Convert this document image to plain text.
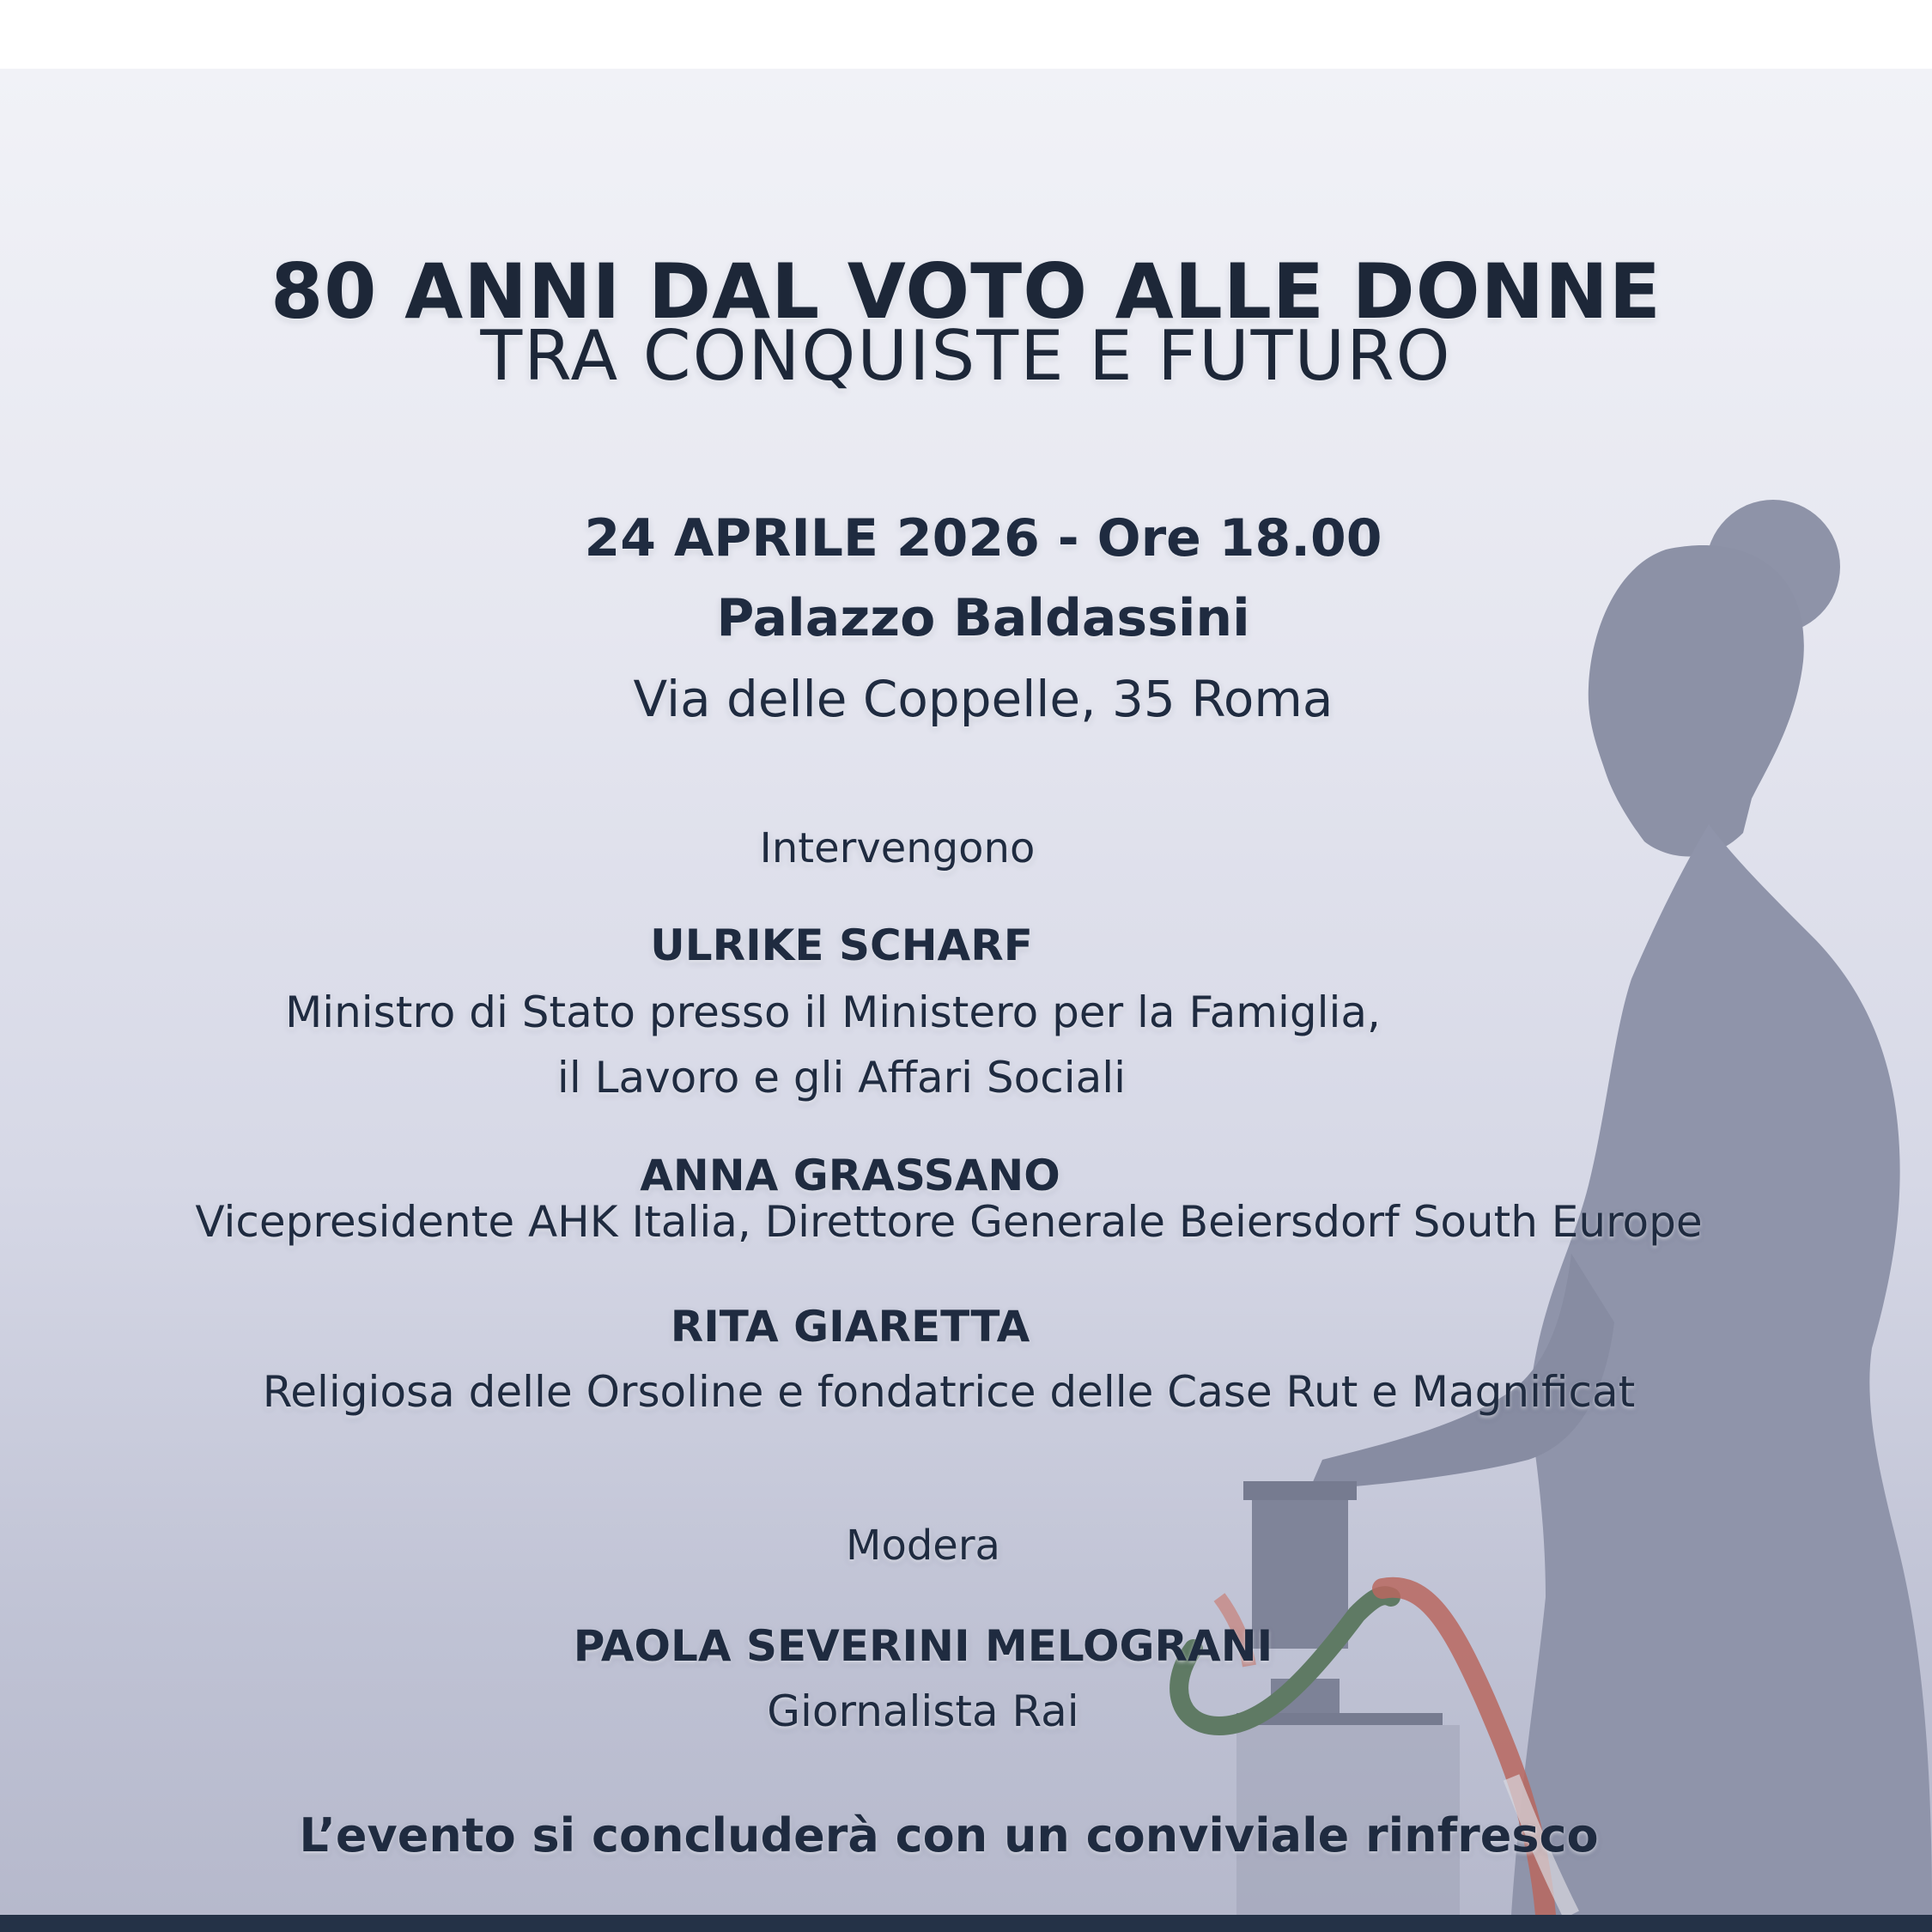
80 ANNI DAL VOTO ALLE DONNE
TRA CONQUISTE E FUTURO
24 APRILE 2026 - Ore 18.00
Palazzo Baldassini
Via delle Coppelle, 35 Roma
Intervengono
ULRIKE SCHARF
Ministro di Stato presso il Ministero per la Famiglia,
il Lavoro e gli Affari Sociali
ANNA GRASSANO
Vicepresidente AHK Italia, Direttore Generale Beiersdorf South Europe
RITA GIARETTA
Religiosa delle Orsoline e fondatrice delle Case Rut e Magnificat
Modera
PAOLA SEVERINI MELOGRANI
Giornalista Rai
L’evento si concluderà con un conviviale rinfresco
